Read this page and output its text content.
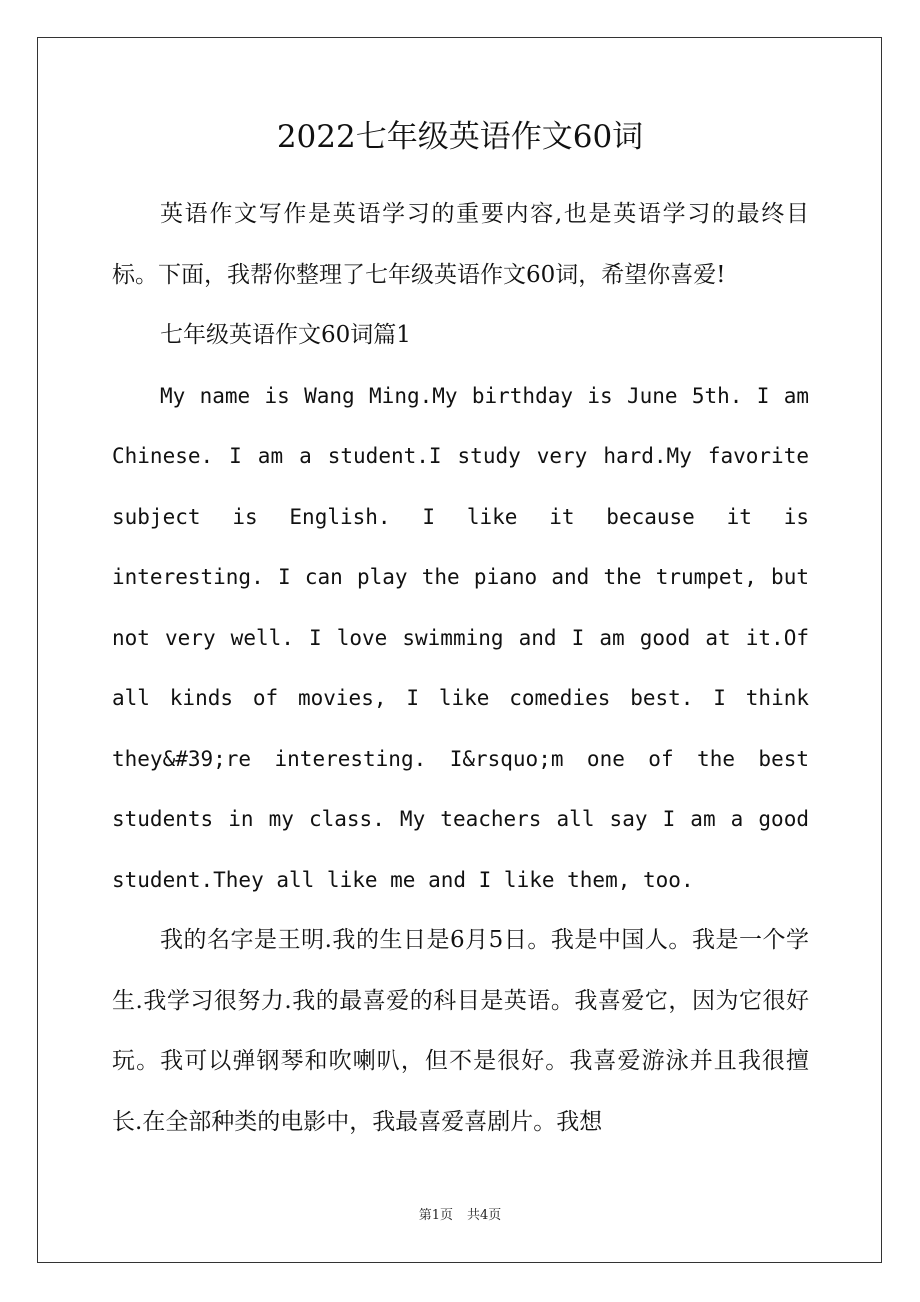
2022七年级英语作文60词

英语作文写作是英语学习的重要内容,也是英语学习的最终目标。下面，我帮你整理了七年级英语作文60词，希望你喜爱!

七年级英语作文60词篇1

My name is Wang Ming.My birthday is June 5th. I am Chinese. I am a student.I study very hard.My favorite subject is English. I like it because it is interesting. I can play the piano and the trumpet, but not very well. I love swimming and I am good at it.Of all kinds of movies, I like comedies best. I think they&#39;re interesting. I&rsquo;m one of the best students in my class. My teachers all say I am a good student.They all like me and I like them, too.

我的名字是王明.我的生日是6月5日。我是中国人。我是一个学生.我学习很努力.我的最喜爱的科目是英语。我喜爱它，因为它很好玩。我可以弹钢琴和吹喇叭，但不是很好。我喜爱游泳并且我很擅长.在全部种类的电影中，我最喜爱喜剧片。我想

第1页 共4页
